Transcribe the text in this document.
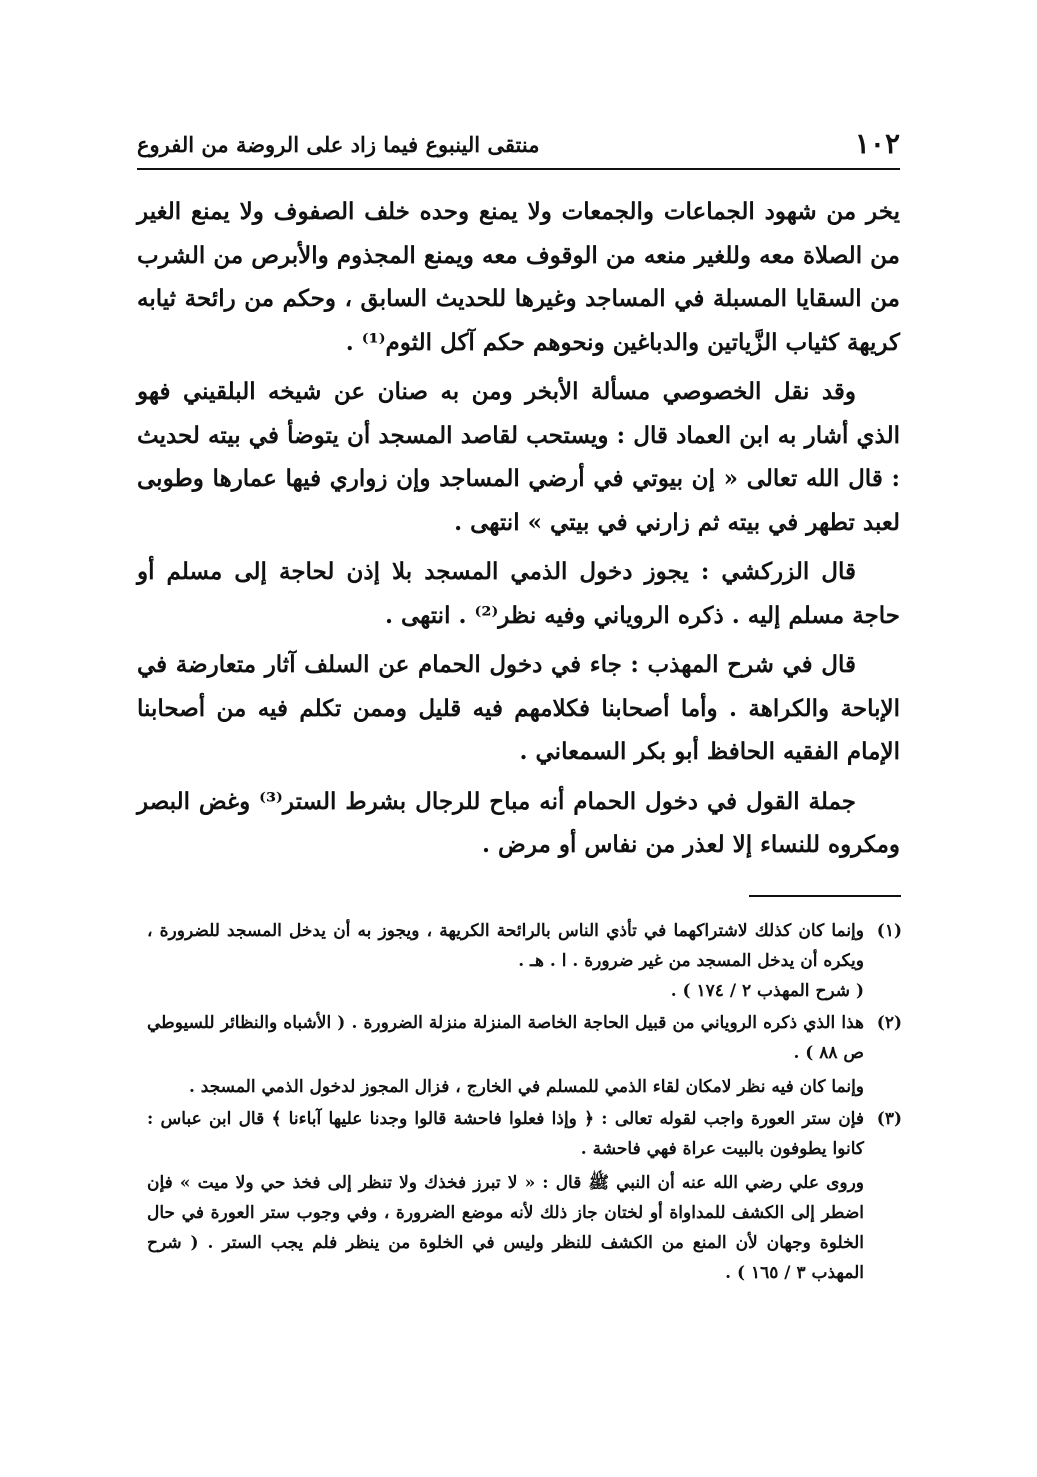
١٠٢
منتقى الينبوع فيما زاد على الروضة من الفروع

يخر من شهود الجماعات والجمعات ولا يمنع وحده خلف الصفوف ولا يمنع الغير من الصلاة معه وللغير منعه من الوقوف معه ويمنع المجذوم والأبرص من الشرب من السقايا المسبلة في المساجد وغيرها للحديث السابق ، وحكم من رائحة ثيابه كريهة كثياب الزَّياتين والدباغين ونحوهم حكم آكل الثوم⁽¹⁾ .

وقد نقل الخصوصي مسألة الأبخر ومن به صنان عن شيخه البلقيني فهو الذي أشار به ابن العماد قال : ويستحب لقاصد المسجد أن يتوضأ في بيته لحديث : قال الله تعالى « إن بيوتي في أرضي المساجد وإن زواري فيها عمارها وطوبى لعبد تطهر في بيته ثم زارني في بيتي » انتهى .

قال الزركشي : يجوز دخول الذمي المسجد بلا إذن لحاجة إلى مسلم أو حاجة مسلم إليه . ذكره الروياني وفيه نظر⁽²⁾ . انتهى .

قال في شرح المهذب : جاء في دخول الحمام عن السلف آثار متعارضة في الإباحة والكراهة . وأما أصحابنا فكلامهم فيه قليل وممن تكلم فيه من أصحابنا الإمام الفقيه الحافظ أبو بكر السمعاني .

جملة القول في دخول الحمام أنه مباح للرجال بشرط الستر⁽³⁾ وغض البصر ومكروه للنساء إلا لعذر من نفاس أو مرض .

(١)

وإنما كان كذلك لاشتراكهما في تأذي الناس بالرائحة الكريهة ، ويجوز به أن يدخل المسجد للضرورة ، ويكره أن يدخل المسجد من غير ضرورة . ا . هـ .

( شرح المهذب ٢ / ١٧٤ ) .

(٢)

هذا الذي ذكره الروياني من قبيل الحاجة الخاصة المنزلة منزلة الضرورة . ( الأشباه والنظائر للسيوطي ص ٨٨ ) .

وإنما كان فيه نظر لامكان لقاء الذمي للمسلم في الخارج ، فزال المجوز لدخول الذمي المسجد .

(٣)

فإن ستر العورة واجب لقوله تعالى : ﴿ وإذا فعلوا فاحشة قالوا وجدنا عليها آباءنا ﴾ قال ابن عباس : كانوا يطوفون بالبيت عراة فهي فاحشة .

وروى علي رضي الله عنه أن النبي ﷺ قال : « لا تبرز فخذك ولا تنظر إلى فخذ حي ولا ميت » فإن اضطر إلى الكشف للمداواة أو لختان جاز ذلك لأنه موضع الضرورة ، وفي وجوب ستر العورة في حال الخلوة وجهان لأن المنع من الكشف للنظر وليس في الخلوة من ينظر فلم يجب الستر . ( شرح المهذب ٣ / ١٦٥ ) .
